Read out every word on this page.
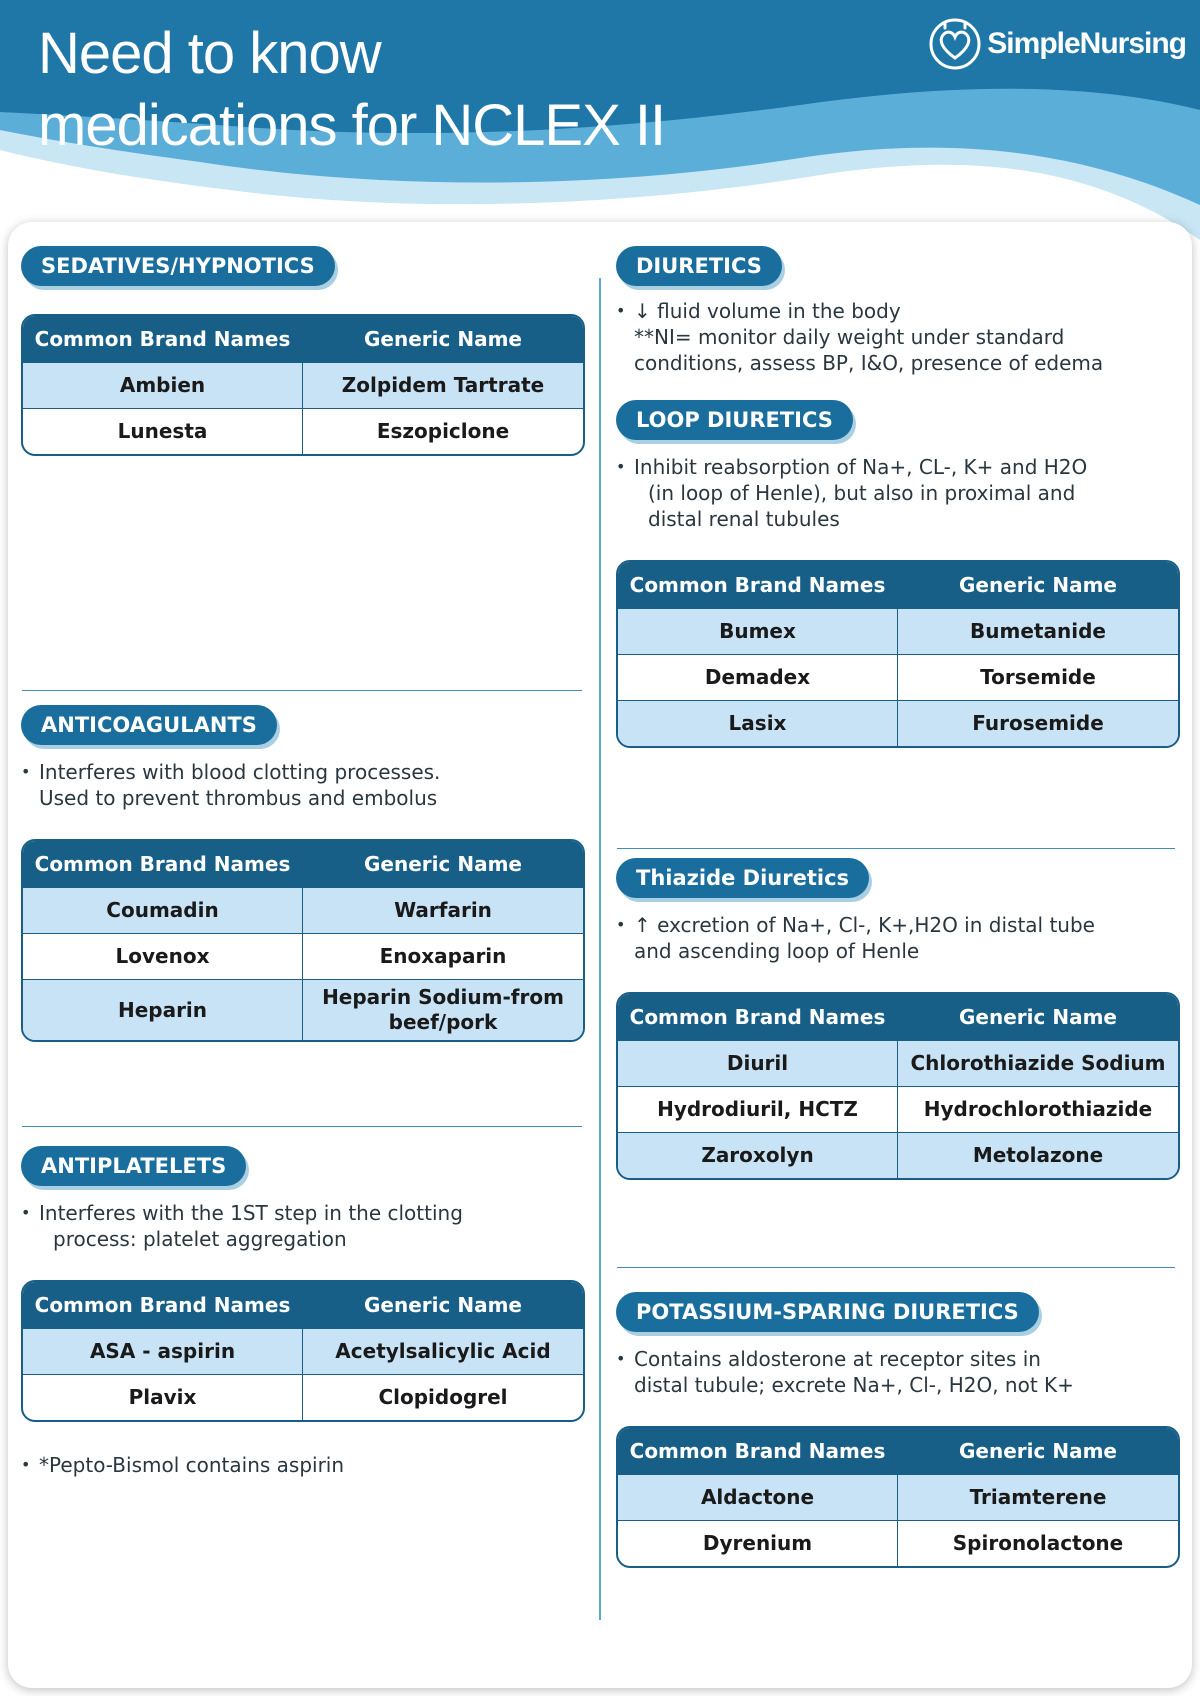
Need to know
medications for NCLEX II
SimpleNursing
SEDATIVES/HYPNOTICS
Common Brand Names	Generic Name
Ambien	Zolpidem Tartrate
Lunesta	Eszopiclone
ANTICOAGULANTS
• Interferes with blood clotting processes.
Used to prevent thrombus and embolus
Common Brand Names	Generic Name
Coumadin	Warfarin
Lovenox	Enoxaparin
Heparin	Heparin Sodium-from beef/pork
ANTIPLATELETS
• Interferes with the 1ST step in the clotting
process: platelet aggregation
Common Brand Names	Generic Name
ASA - aspirin	Acetylsalicylic Acid
Plavix	Clopidogrel
• *Pepto-Bismol contains aspirin
DIURETICS
• ↓ fluid volume in the body
**NI= monitor daily weight under standard
conditions, assess BP, I&O, presence of edema
LOOP DIURETICS
• Inhibit reabsorption of Na+, CL-, K+ and H2O
(in loop of Henle), but also in proximal and
distal renal tubules
Common Brand Names	Generic Name
Bumex	Bumetanide
Demadex	Torsemide
Lasix	Furosemide
Thiazide Diuretics
• ↑ excretion of Na+, Cl-, K+,H2O in distal tube
and ascending loop of Henle
Common Brand Names	Generic Name
Diuril	Chlorothiazide Sodium
Hydrodiuril, HCTZ	Hydrochlorothiazide
Zaroxolyn	Metolazone
POTASSIUM-SPARING DIURETICS
• Contains aldosterone at receptor sites in
distal tubule; excrete Na+, Cl-, H2O, not K+
Common Brand Names	Generic Name
Aldactone	Triamterene
Dyrenium	Spironolactone
